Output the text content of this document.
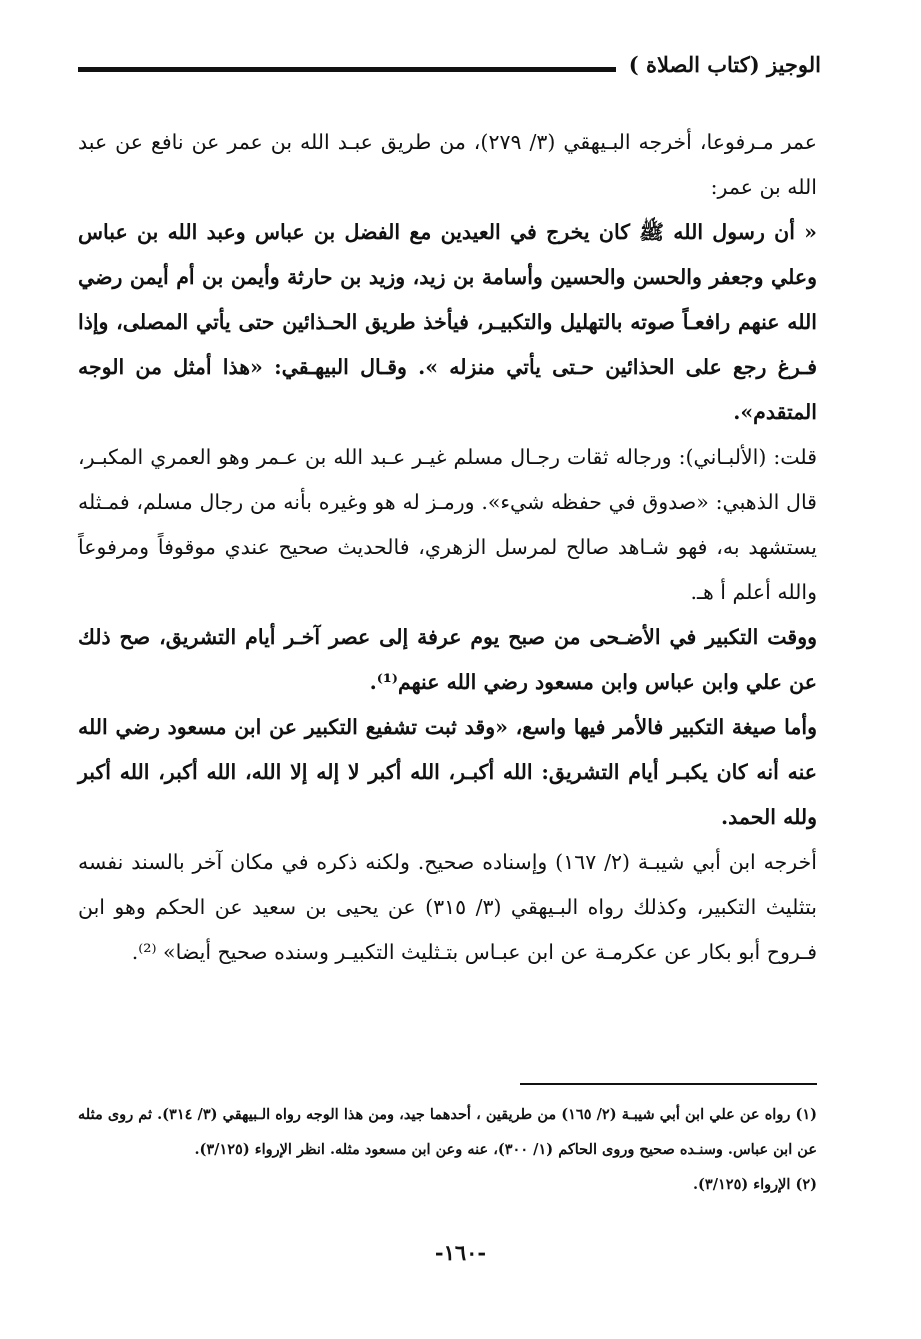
الوجيز (كتاب الصلاة )

عمر مـرفوعا، أخرجه البـيهقي (٣/ ٢٧٩)، من طريق عبـد الله بن عمر عن نافع عن عبد الله بن عمر:

« أن رسول الله ﷺ كان يخرج في العيدين مع الفضل بن عباس وعبد الله بن عباس وعلي وجعفر والحسن والحسين وأسامة بن زيد، وزيد بن حارثة وأيمن بن أم أيمن رضي الله عنهم رافعـاً صوته بالتهليل والتكبيـر، فيأخذ طريق الحـذائين حتى يأتي المصلى، وإذا فـرغ رجع على الحذائين حـتى يأتي منزله ». وقـال البيهـقي: «هذا أمثل من الوجه المتقدم».

قلت: (الألبـاني): ورجاله ثقات رجـال مسلم غيـر عـبد الله بن عـمر وهو العمري المكبـر، قال الذهبي: «صدوق في حفظه شيء». ورمـز له هو وغيره بأنه من رجال مسلم، فمـثله يستشهد به، فهو شـاهد صالح لمرسل الزهري، فالحديث صحيح عندي موقوفاً ومرفوعاً والله أعلم أ هـ.

ووقت التكبير في الأضـحى من صبح يوم عرفة إلى عصر آخـر أيام التشريق، صح ذلك عن علي وابن عباس وابن مسعود رضي الله عنهم⁽¹⁾.

وأما صيغة التكبير فالأمر فيها واسع، «وقد ثبت تشفيع التكبير عن ابن مسعود رضي الله عنه أنه كان يكبـر أيام التشريق: الله أكبـر، الله أكبر لا إله إلا الله، الله أكبر، الله أكبر ولله الحمد.

أخرجه ابن أبي شيبـة (٢/ ١٦٧) وإسناده صحيح. ولكنه ذكره في مكان آخر بالسند نفسه بتثليث التكبير، وكذلك رواه البـيهقي (٣/ ٣١٥) عن يحيى بن سعيد عن الحكم وهو ابن فـروح أبو بكار عن عكرمـة عن ابن عبـاس بتـثليث التكبيـر وسنده صحيح أيضا» ⁽²⁾.

(١) رواه عن علي ابن أبي شيبـة (٢/ ١٦٥) من طريقين ، أحدهما جيد، ومن هذا الوجه رواه الـبيهقي (٣/ ٣١٤). ثم روى مثله عن ابن عباس. وسنـده صحيح وروى الحاكم (١/ ٣٠٠)، عنه وعن ابن مسعود مثله. انظر الإرواء (٣/١٢٥).

(٢) الإرواء (٣/١٢٥).

-١٦٠-
